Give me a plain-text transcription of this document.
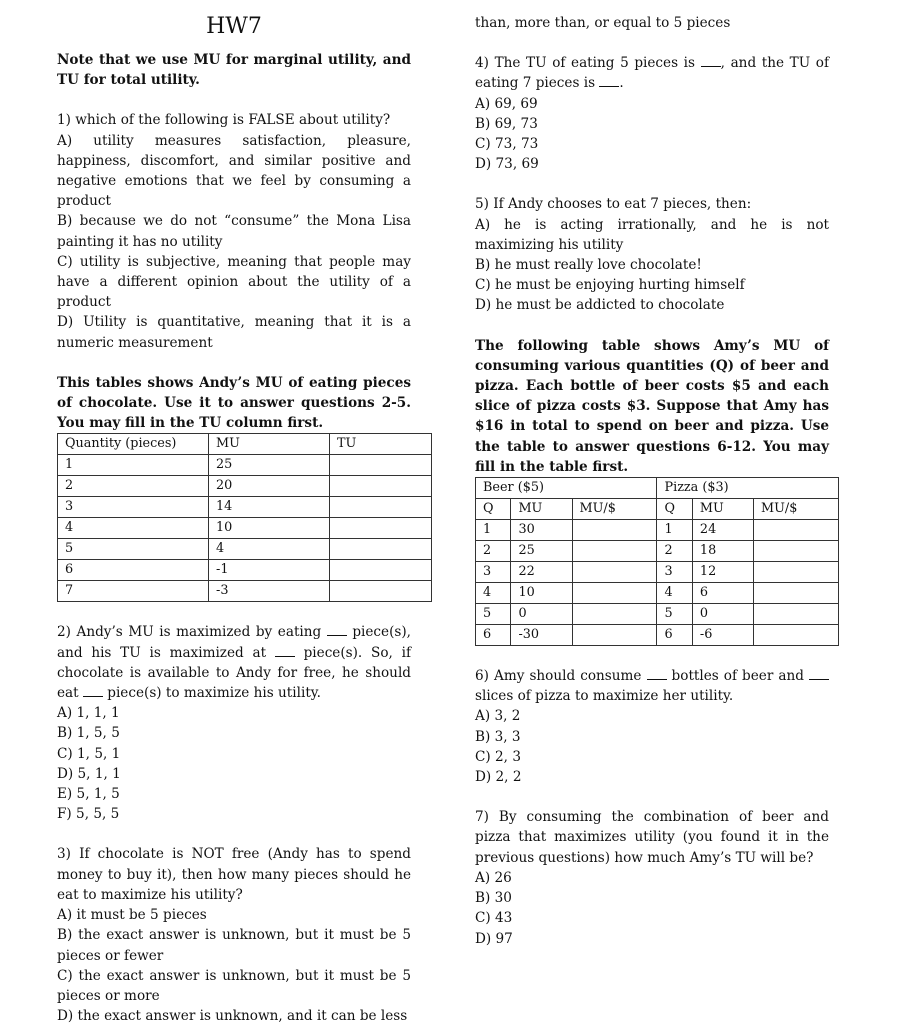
HW7
Note that we use MU for marginal utility, and TU for total utility.
1) which of the following is FALSE about utility?
A) utility measures satisfaction, pleasure, happiness, discomfort, and similar positive and negative emotions that we feel by consuming a product
B) because we do not “consume” the Mona Lisa painting it has no utility
C) utility is subjective, meaning that people may have a different opinion about the utility of a product
D) Utility is quantitative, meaning that it is a numeric measurement
This tables shows Andy’s MU of eating pieces of chocolate. Use it to answer questions 2-5. You may fill in the TU column first.
Quantity (pieces)	MU	TU
1	25	
2	20	
3	14	
4	10	
5	4	
6	-1	
7	-3	
2) Andy’s MU is maximized by eating  piece(s), and his TU is maximized at  piece(s). So, if chocolate is available to Andy for free, he should eat  piece(s) to maximize his utility.
A) 1, 1, 1
B) 1, 5, 5
C) 1, 5, 1
D) 5, 1, 1
E) 5, 1, 5
F) 5, 5, 5
3) If chocolate is NOT free (Andy has to spend money to buy it), then how many pieces should he eat to maximize his utility?
A) it must be 5 pieces
B) the exact answer is unknown, but it must be 5 pieces or fewer
C) the exact answer is unknown, but it must be 5 pieces or more
D) the exact answer is unknown, and it can be less
than, more than, or equal to 5 pieces
4) The TU of eating 5 pieces is , and the TU of eating 7 pieces is .
A) 69, 69
B) 69, 73
C) 73, 73
D) 73, 69
5) If Andy chooses to eat 7 pieces, then:
A) he is acting irrationally, and he is not maximizing his utility
B) he must really love chocolate!
C) he must be enjoying hurting himself
D) he must be addicted to chocolate
The following table shows Amy’s MU of consuming various quantities (Q) of beer and pizza. Each bottle of beer costs $5 and each slice of pizza costs $3. Suppose that Amy has $16 in total to spend on beer and pizza. Use the table to answer questions 6-12. You may fill in the table first.
Beer ($5)			Pizza ($3)		
Q	MU	MU/$	Q	MU	MU/$
1	30		1	24	
2	25		2	18	
3	22		3	12	
4	10		4	6	
5	0		5	0	
6	-30		6	-6	
6) Amy should consume  bottles of beer and  slices of pizza to maximize her utility.
A) 3, 2
B) 3, 3
C) 2, 3
D) 2, 2
7) By consuming the combination of beer and pizza that maximizes utility (you found it in the previous questions) how much Amy’s TU will be?
A) 26
B) 30
C) 43
D) 97
